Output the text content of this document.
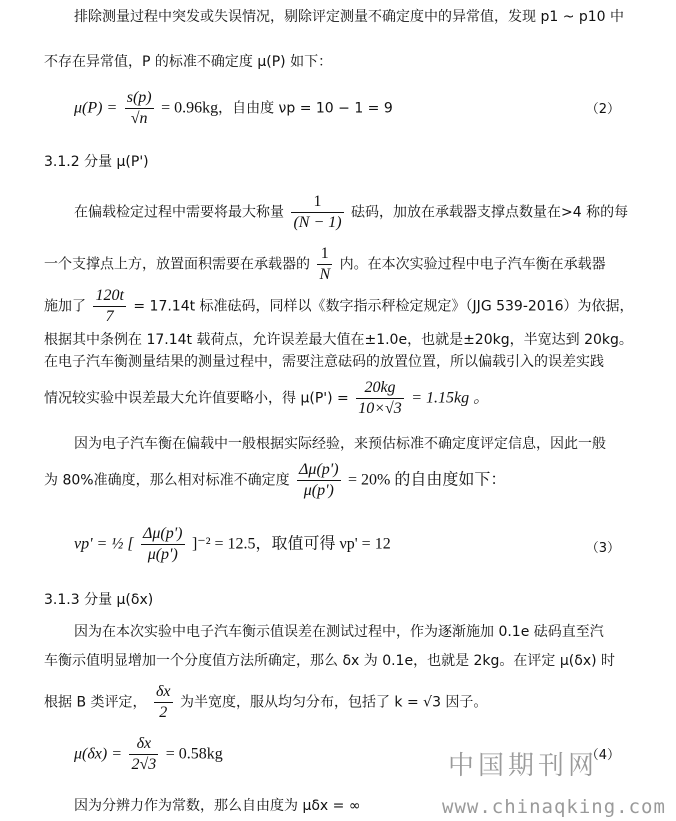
排除测量过程中突发或失误情况，剔除评定测量不确定度中的异常值，发现 p1 ~ p10 中
不存在异常值，P 的标准不确定度 μ(P) 如下：
$\mu(P) = \frac{s(p)}{√n} = 0.96kg$，自由度 νp = 10 − 1 = 9	（2）
3.1.2 分量 μ(P')
在偏载检定过程中需要将最大称量 $\frac{1}{(N - 1)}$ 砝码，加放在承载器支撑点数量在>4 称的每
一个支撑点上方，放置面积需要在承载器的 $\frac{1}{N}$ 内。在本次实验过程中电子汽车衡在承载器
施加了 $\frac{120t}{7} = 17.14t$ 标准砝码，同样以《数字指示秤检定规定》（JJG 539-2016）为依据，
根据其中条例在 17.14t 载荷点，允许误差最大值在±1.0e，也就是±20kg，半宽达到 20kg。
在电子汽车衡测量结果的测量过程中，需要注意砝码的放置位置，所以偏载引入的误差实践
情况较实验中误差最大允许值要略小，得 $\mu(P') = \frac{20kg}{10\times√3} = 1.15kg$ 。
因为电子汽车衡在偏载中一般根据实际经验，来预估标准不确定度评定信息，因此一般
为 80%准确度，那么相对标准不确定度 $\frac{\Delta\mu(p')}{\mu(p')} = 20\%$ 的自由度如下：
νp' = ½ [ $\frac{\Delta\mu(p')}{\mu(p')} ]^{-2} = 12.5$，取值可得 νp' = 12	（3）
3.1.3 分量 μ(δx)
因为在本次实验中电子汽车衡示值误差在测试过程中，作为逐渐施加 0.1e 砝码直至汽
车衡示值明显增加一个分度值方法所确定，那么 δx 为 0.1e，也就是 2kg。在评定 μ(δx) 时
根据 B 类评定， $\frac{\delta x}{2}$ 为半宽度，服从均匀分布，包括了 k = √3 因子。
$\mu(\delta x) = \frac{\delta x}{2√3} = 0.58kg$	（4）
因为分辨力作为常数，那么自由度为 μδx = ∞
中国期刊网
www.chinaqking.com
